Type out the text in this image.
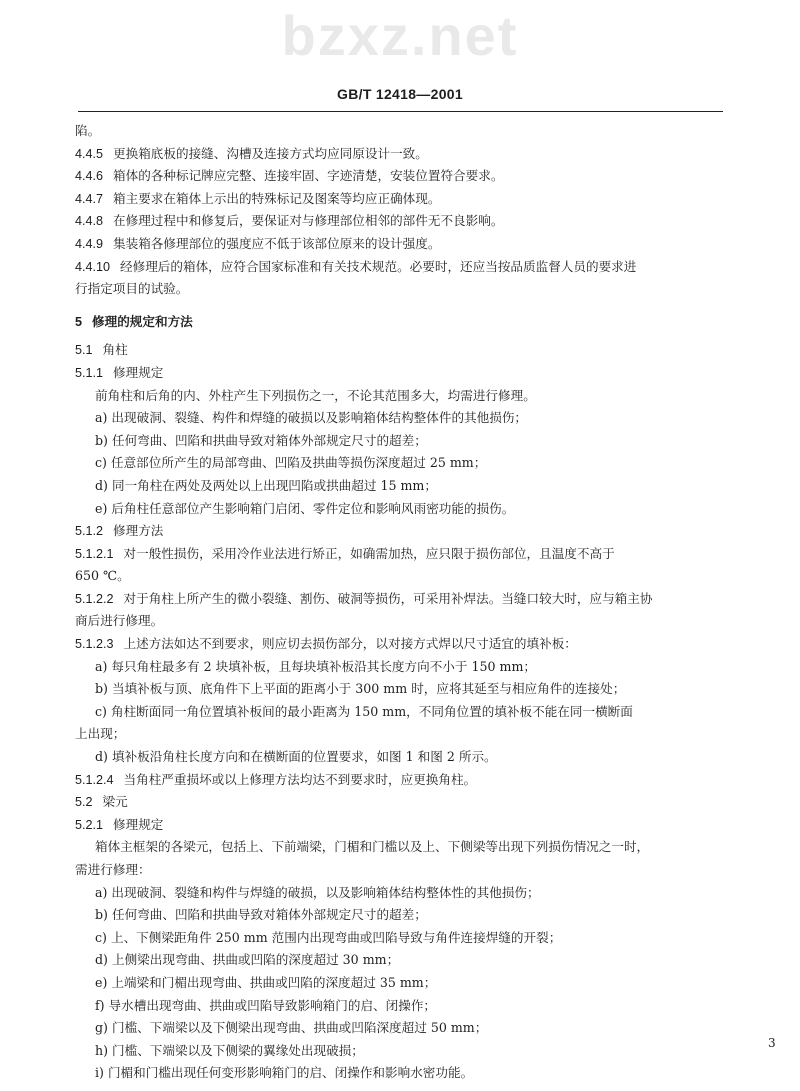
bzxz.net
GB/T 12418—2001
陷。
4.4.5 更换箱底板的接缝、沟槽及连接方式均应同原设计一致。
4.4.6 箱体的各种标记牌应完整、连接牢固、字迹清楚，安装位置符合要求。
4.4.7 箱主要求在箱体上示出的特殊标记及图案等均应正确体现。
4.4.8 在修理过程中和修复后，要保证对与修理部位相邻的部件无不良影响。
4.4.9 集装箱各修理部位的强度应不低于该部位原来的设计强度。
4.4.10 经修理后的箱体，应符合国家标准和有关技术规范。必要时，还应当按品质监督人员的要求进
行指定项目的试验。
5 修理的规定和方法
5.1 角柱
5.1.1 修理规定
前角柱和后角的内、外柱产生下列损伤之一，不论其范围多大，均需进行修理。
a) 出现破洞、裂缝、构件和焊缝的破损以及影响箱体结构整体件的其他损伤；
b) 任何弯曲、凹陷和拱曲导致对箱体外部规定尺寸的超差；
c) 任意部位所产生的局部弯曲、凹陷及拱曲等损伤深度超过 25 mm；
d) 同一角柱在两处及两处以上出现凹陷或拱曲超过 15 mm；
e) 后角柱任意部位产生影响箱门启闭、零件定位和影响风雨密功能的损伤。
5.1.2 修理方法
5.1.2.1 对一般性损伤，采用冷作业法进行矫正，如确需加热，应只限于损伤部位，且温度不高于
650 ℃。
5.1.2.2 对于角柱上所产生的微小裂缝、割伤、破洞等损伤，可采用补焊法。当缝口较大时，应与箱主协
商后进行修理。
5.1.2.3 上述方法如达不到要求，则应切去损伤部分，以对接方式焊以尺寸适宜的填补板：
a) 每只角柱最多有 2 块填补板，且每块填补板沿其长度方向不小于 150 mm；
b) 当填补板与顶、底角件下上平面的距离小于 300 mm 时，应将其延至与相应角件的连接处；
c) 角柱断面同一角位置填补板间的最小距离为 150 mm，不同角位置的填补板不能在同一横断面
上出现；
d) 填补板沿角柱长度方向和在横断面的位置要求，如图 1 和图 2 所示。
5.1.2.4 当角柱严重损坏或以上修理方法均达不到要求时，应更换角柱。
5.2 梁元
5.2.1 修理规定
箱体主框架的各梁元，包括上、下前端梁，门楣和门槛以及上、下侧梁等出现下列损伤情况之一时，
需进行修理：
a) 出现破洞、裂缝和构件与焊缝的破损，以及影响箱体结构整体性的其他损伤；
b) 任何弯曲、凹陷和拱曲导致对箱体外部规定尺寸的超差；
c) 上、下侧梁距角件 250 mm 范围内出现弯曲或凹陷导致与角件连接焊缝的开裂；
d) 上侧梁出现弯曲、拱曲或凹陷的深度超过 30 mm；
e) 上端梁和门楣出现弯曲、拱曲或凹陷的深度超过 35 mm；
f) 导水槽出现弯曲、拱曲或凹陷导致影响箱门的启、闭操作；
g) 门槛、下端梁以及下侧梁出现弯曲、拱曲或凹陷深度超过 50 mm；
h) 门槛、下端梁以及下侧梁的翼缘处出现破损；
i) 门楣和门槛出现任何变形影响箱门的启、闭操作和影响水密功能。
3
